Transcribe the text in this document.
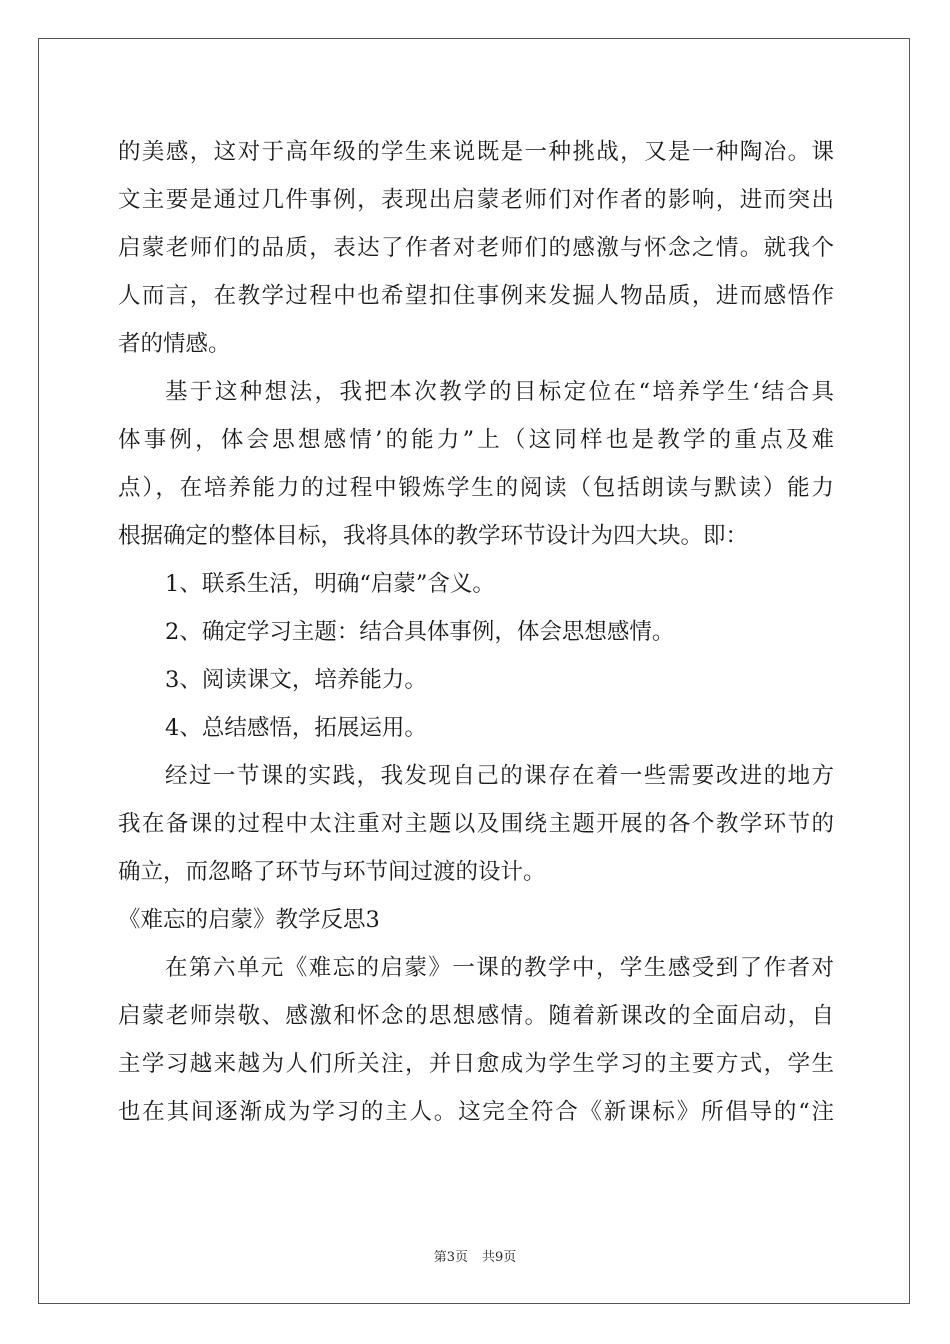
的美感，这对于高年级的学生来说既是一种挑战，又是一种陶冶。课
文主要是通过几件事例，表现出启蒙老师们对作者的影响，进而突出
启蒙老师们的品质，表达了作者对老师们的感激与怀念之情。就我个
人而言，在教学过程中也希望扣住事例来发掘人物品质，进而感悟作
者的情感。
基于这种想法，我把本次教学的目标定位在“培养学生‘结合具
体事例，体会思想感情’的能力”上（这同样也是教学的重点及难
点），在培养能力的过程中锻炼学生的阅读（包括朗读与默读）能力
根据确定的整体目标，我将具体的教学环节设计为四大块。即：
1、联系生活，明确“启蒙”含义。
2、确定学习主题：结合具体事例，体会思想感情。
3、阅读课文，培养能力。
4、总结感悟，拓展运用。
经过一节课的实践，我发现自己的课存在着一些需要改进的地方
我在备课的过程中太注重对主题以及围绕主题开展的各个教学环节的
确立，而忽略了环节与环节间过渡的设计。
《难忘的启蒙》教学反思3
在第六单元《难忘的启蒙》一课的教学中，学生感受到了作者对
启蒙老师崇敬、感激和怀念的思想感情。随着新课改的全面启动，自
主学习越来越为人们所关注，并日愈成为学生学习的主要方式，学生
也在其间逐渐成为学习的主人。这完全符合《新课标》所倡导的“注
第3页 共9页
